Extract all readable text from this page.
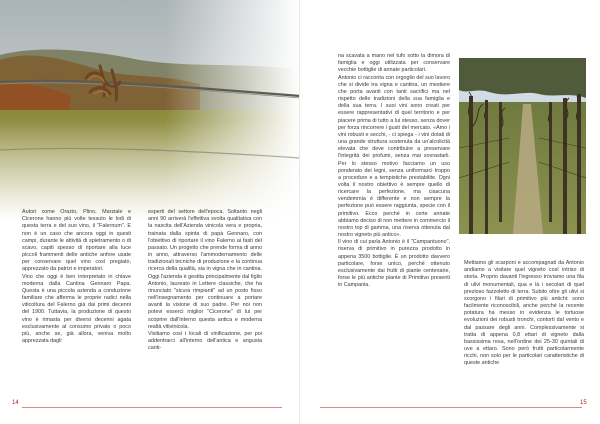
Autori come Orazio, Plino, Marziale e Cicerone hanno più volte tessuto le lodi di questa terra e del suo vino, il "Falernum". E non è un caso che ancora oggi in questi campi, durante le attività di spietramento o di scavo, capiti spesso di riportare alla luce piccoli frammenti delle antiche anfore usate per conservare quel vino così pregiato, apprezzato da patrizi e imperatori.
Vino che oggi è ben interpretato in chiave moderna dalla Cantina Gennaro Papa. Questa è una piccola azienda a conduzione familiare che afferma le proprie radici nella viticoltura del Falerno già dai primi decenni del 1900. Tuttavia, la produzione di questo vino è rimasta per diversi decenni agata esclusivamente al consumo privato o poco più, anche se, già allora, veniva molto apprezzata dagli

esperti del settore dell'epoca. Soltanto negli anni 90 arriverà l'effettiva svolta qualitativa con la nascita dell'Azienda vinicola vera e propria, trainata dalla spinta di papà Gennaro, con l'obiettivo di riportare il vino Falerno ai fasti del passato. Un progetto che prende forma di anno in anno, attraverso l'ammodernamento delle tradizionali tecniche di produzione e la continua ricerca della qualità, sia in vigna che in cantina. Oggi l'azienda è gestita principalmente dal figlio Antonio, laureato in Lettere classiche, che ha rinunciato "sicura rimpianti" ad un posto fisso nell'insegnamento per continuare a portare avanti la visione di suo padre. Per noi non potevi esserci miglior "Cicerone" di lui per scoprire dall'interno questa antica e moderna realtà vitivinicola.
Visitiamo così i locali di vinificazione, per poi addentrarci all'interno dell'antica e angusta canti-

14

na scavata a mano nel tufo sotto la dimora di famiglia e oggi utilizzata per conservare vecchie bottiglie di annate particolari.
Antonio ci racconta con orgoglio del suo lavoro che si divide tra vigna e cantina, un mestiere che porta avanti con tanti sacrifici ma nel rispetto delle tradizioni della sua famiglia e della sua terra. I suoi vini sono creati per essere rappresentativi di quel territorio e per piacere prima di tutto a lui stesso, senza dover per forza rincorrere i gusti del mercato. «Amo i vini robusti e secchi, - ci spiega - i vini dotati di una grande struttura sostenuta da un'alcolicità elevata che deve contribuire a preservare l'integrità dei profumi, senza mai sovrastarli. Per lo stesso motivo facciamo un uso ponderato dei legni, senza uniformarci troppo a procedure e a tempistiche prestabilite. Ogni volta il nostro obiettivo è sempre quello di ricercare la perfezione, ma ciascuna vendemmia è differente e non sempre la perfezione può essere raggiunta, specie con il primitivo. Ecco perché in certe annate abbiamo deciso di non mettere in commercio il nostro top di gamma, una riserva ottenuta dal nostro vigneto più antico».
Il vino di cui parla Antonio è il "Campantuono", riserva di primitivo in purezza prodotto in appena 3500 bottiglie. È un prodotto davvero particolare, forse unico, perché ottenuto esclusivamente dai frutti di piante centenarie, forse le più antiche piante di Primitivo presenti in Campania.

Mettiamo gli scarponi e accompagnati da Antonio andiamo a visitare quel vigneto così intriso di storia. Proprio davanti l'ingresso troviamo una fila di ulivi monumentali, qua e là i secolari di quel prezioso fazzoletto di terra. Subito oltre gli ulivi si scorgono i filari di primitivo più antichi: sono facilmente riconoscibili, anche perché la recente potatura ha messo in evidenza le tortuose evoluzioni dei robusti tronchi, contorti dal vento e dal passare degli anni. Complessivamente si tratta di appena 0,8 ettari di vigneto dalla bassissima resa, nell'ordine dei 25-30 quintali di uve a ettaro. Sono però frutti particolarmente ricchi, non solo per le particolari caratteristiche di queste antiche

15
